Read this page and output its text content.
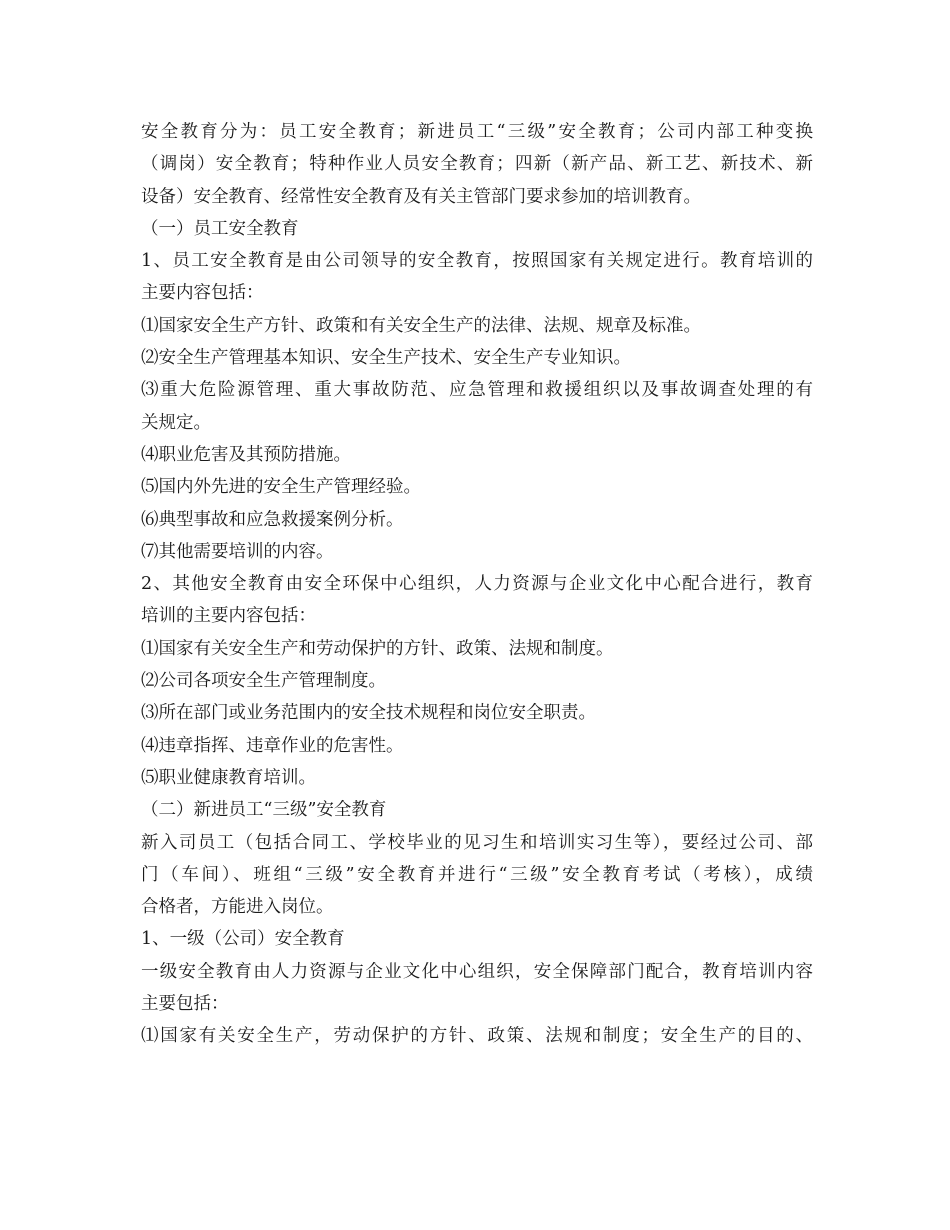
安全教育分为：员工安全教育；新进员工“三级”安全教育；公司内部工种变换
（调岗）安全教育；特种作业人员安全教育；四新（新产品、新工艺、新技术、新
设备）安全教育、经常性安全教育及有关主管部门要求参加的培训教育。
（一）员工安全教育
1、员工安全教育是由公司领导的安全教育，按照国家有关规定进行。教育培训的
主要内容包括：
⑴国家安全生产方针、政策和有关安全生产的法律、法规、规章及标准。
⑵安全生产管理基本知识、安全生产技术、安全生产专业知识。
⑶重大危险源管理、重大事故防范、应急管理和救援组织以及事故调查处理的有
关规定。
⑷职业危害及其预防措施。
⑸国内外先进的安全生产管理经验。
⑹典型事故和应急救援案例分析。
⑺其他需要培训的内容。
2、其他安全教育由安全环保中心组织，人力资源与企业文化中心配合进行，教育
培训的主要内容包括：
⑴国家有关安全生产和劳动保护的方针、政策、法规和制度。
⑵公司各项安全生产管理制度。
⑶所在部门或业务范围内的安全技术规程和岗位安全职责。
⑷违章指挥、违章作业的危害性。
⑸职业健康教育培训。
（二）新进员工“三级”安全教育
新入司员工（包括合同工、学校毕业的见习生和培训实习生等），要经过公司、部
门（车间）、班组“三级”安全教育并进行“三级”安全教育考试（考核），成绩
合格者，方能进入岗位。
1、一级（公司）安全教育
一级安全教育由人力资源与企业文化中心组织，安全保障部门配合，教育培训内容
主要包括：
⑴国家有关安全生产，劳动保护的方针、政策、法规和制度；安全生产的目的、
